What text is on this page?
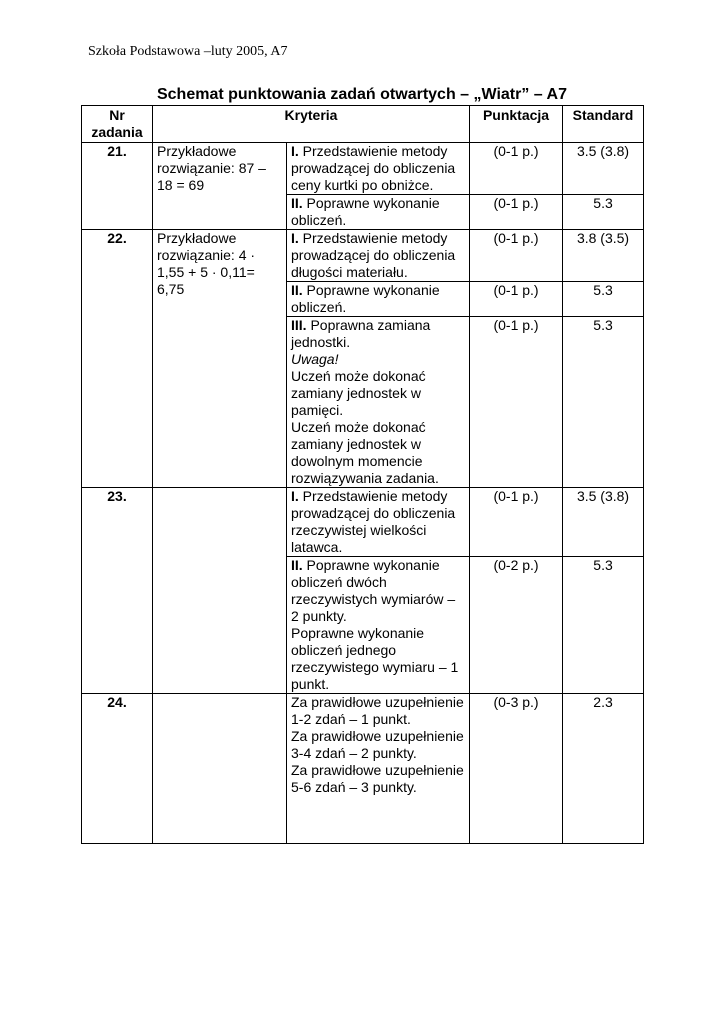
Szkoła Podstawowa –luty 2005, A7
Schemat punktowania zadań otwartych – „Wiatr” – A7
Nr zadania	Kryteria		Punktacja	Standard
21.	Przykładowe rozwiązanie: 87 – 18 = 69	I. Przedstawienie metody prowadzącej do obliczenia ceny kurtki po obniżce.	(0-1 p.)	3.5 (3.8)
		II. Poprawne wykonanie obliczeń.	(0-1 p.)	5.3
22.	Przykładowe rozwiązanie: 4 · 1,55 + 5 · 0,11= 6,75	I. Przedstawienie metody prowadzącej do obliczenia długości materiału.	(0-1 p.)	3.8 (3.5)
		II. Poprawne wykonanie obliczeń.	(0-1 p.)	5.3
		III. Poprawna zamiana jednostki.
Uwaga!
Uczeń może dokonać zamiany jednostek w pamięci.
Uczeń może dokonać zamiany jednostek w dowolnym momencie rozwiązywania zadania.	(0-1 p.)	5.3
23.		I. Przedstawienie metody prowadzącej do obliczenia rzeczywistej wielkości latawca.	(0-1 p.)	3.5 (3.8)
		II. Poprawne wykonanie obliczeń dwóch rzeczywistych wymiarów – 2 punkty.
Poprawne wykonanie obliczeń jednego rzeczywistego wymiaru – 1 punkt.	(0-2 p.)	5.3
24.		Za prawidłowe uzupełnienie 1-2 zdań – 1 punkt.
Za prawidłowe uzupełnienie 3-4 zdań – 2 punkty.
Za prawidłowe uzupełnienie 5-6 zdań – 3 punkty.	(0-3 p.)	2.3
